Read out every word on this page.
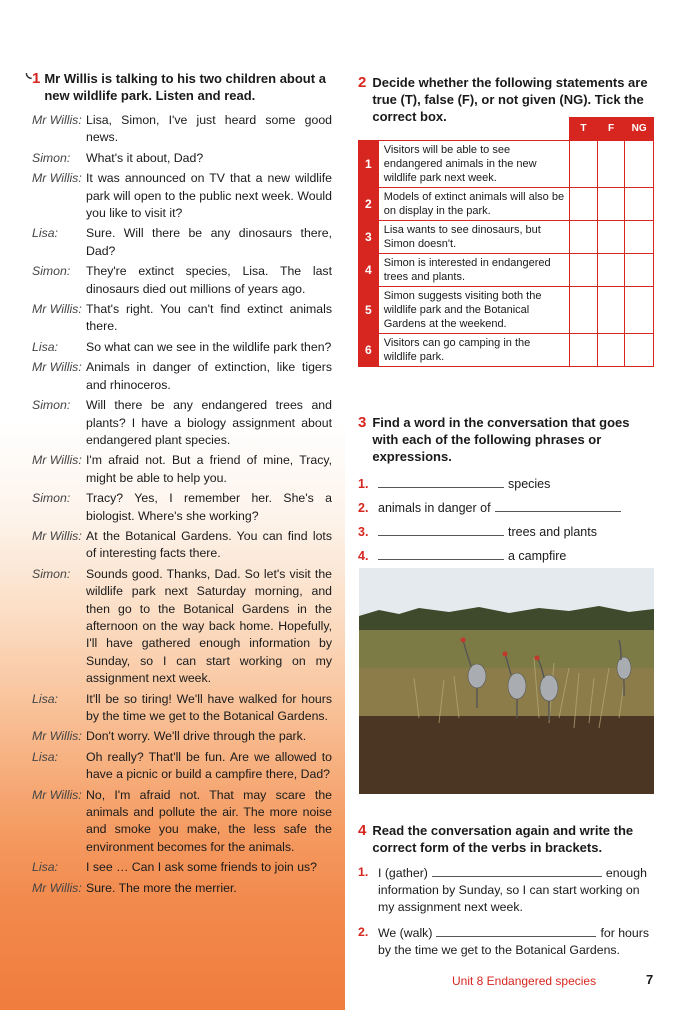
◟ 1 Mr Willis is talking to his two children about a new wildlife park. Listen and read.
Mr Willis: Lisa, Simon, I've just heard some good news.
Simon:	What's it about, Dad?
Mr Willis: It was announced on TV that a new wildlife park will open to the public next week. Would you like to visit it?
Lisa:	Sure. Will there be any dinosaurs there, Dad?
Simon:	They're extinct species, Lisa. The last dinosaurs died out millions of years ago.
Mr Willis: That's right. You can't find extinct animals there.
Lisa:	So what can we see in the wildlife park then?
Mr Willis: Animals in danger of extinction, like tigers and rhinoceros.
Simon:	Will there be any endangered trees and plants? I have a biology assignment about endangered plant species.
Mr Willis: I'm afraid not. But a friend of mine, Tracy, might be able to help you.
Simon:	Tracy? Yes, I remember her. She's a biologist. Where's she working?
Mr Willis: At the Botanical Gardens. You can find lots of interesting facts there.
Simon:	Sounds good. Thanks, Dad. So let's visit the wildlife park next Saturday morning, and then go to the Botanical Gardens in the afternoon on the way back home. Hopefully, I'll have gathered enough information by Sunday, so I can start working on my assignment next week.
Lisa:	It'll be so tiring! We'll have walked for hours by the time we get to the Botanical Gardens.
Mr Willis: Don't worry. We'll drive through the park.
Lisa:	Oh really? That'll be fun. Are we allowed to have a picnic or build a campfire there, Dad?
Mr Willis: No, I'm afraid not. That may scare the animals and pollute the air. The more noise and smoke you make, the less safe the environment becomes for the animals.
Lisa:	I see … Can I ask some friends to join us?
Mr Willis: Sure. The more the merrier.
2 Decide whether the following statements are true (T), false (F), or not given (NG). Tick the correct box.
		T	F	NG
1	Visitors will be able to see endangered animals in the new wildlife park next week.			
2	Models of extinct animals will also be on display in the park.			
3	Lisa wants to see dinosaurs, but Simon doesn't.			
4	Simon is interested in endangered trees and plants.			
5	Simon suggests visiting both the wildlife park and the Botanical Gardens at the weekend.			
6	Visitors can go camping in the wildlife park.			
3 Find a word in the conversation that goes with each of the following phrases or expressions.
1.	species
2. animals in danger of
3.	trees and plants
4.	a campfire
4 Read the conversation again and write the correct form of the verbs in brackets.
1. I (gather)	enough information by Sunday, so I can start working on my assignment next week.
2. We (walk)	for hours by the time we get to the Botanical Gardens.
Unit 8 Endangered species	7
